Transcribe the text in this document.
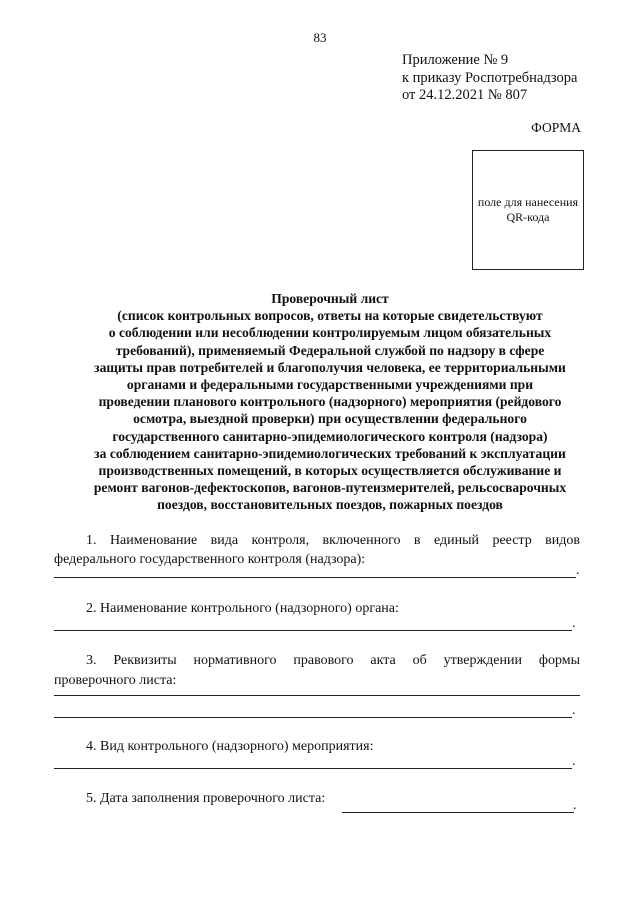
83
Приложение № 9
к приказу Роспотребнадзора
от 24.12.2021 № 807
ФОРМА
поле для нанесения
QR-кода
Проверочный лист
(список контрольных вопросов, ответы на которые свидетельствуют
о соблюдении или несоблюдении контролируемым лицом обязательных
требований), применяемый Федеральной службой по надзору в сфере
защиты прав потребителей и благополучия человека, ее территориальными
органами и федеральными государственными учреждениями при
проведении планового контрольного (надзорного) мероприятия (рейдового
осмотра, выездной проверки) при осуществлении федерального
государственного санитарно-эпидемиологического контроля (надзора)
за соблюдением санитарно-эпидемиологических требований к эксплуатации
производственных помещений, в которых осуществляется обслуживание и
ремонт вагонов-дефектоскопов, вагонов-путеизмерителей, рельсосварочных
поездов, восстановительных поездов, пожарных поездов
1. Наименование вида контроля, включенного в единый реестр видов
федерального государственного контроля (надзора):
.
2. Наименование контрольного (надзорного) органа:
.
3. Реквизиты нормативного правового акта об утверждении формы
проверочного листа:
.
4. Вид контрольного (надзорного) мероприятия:
.
5. Дата заполнения проверочного листа:	.
